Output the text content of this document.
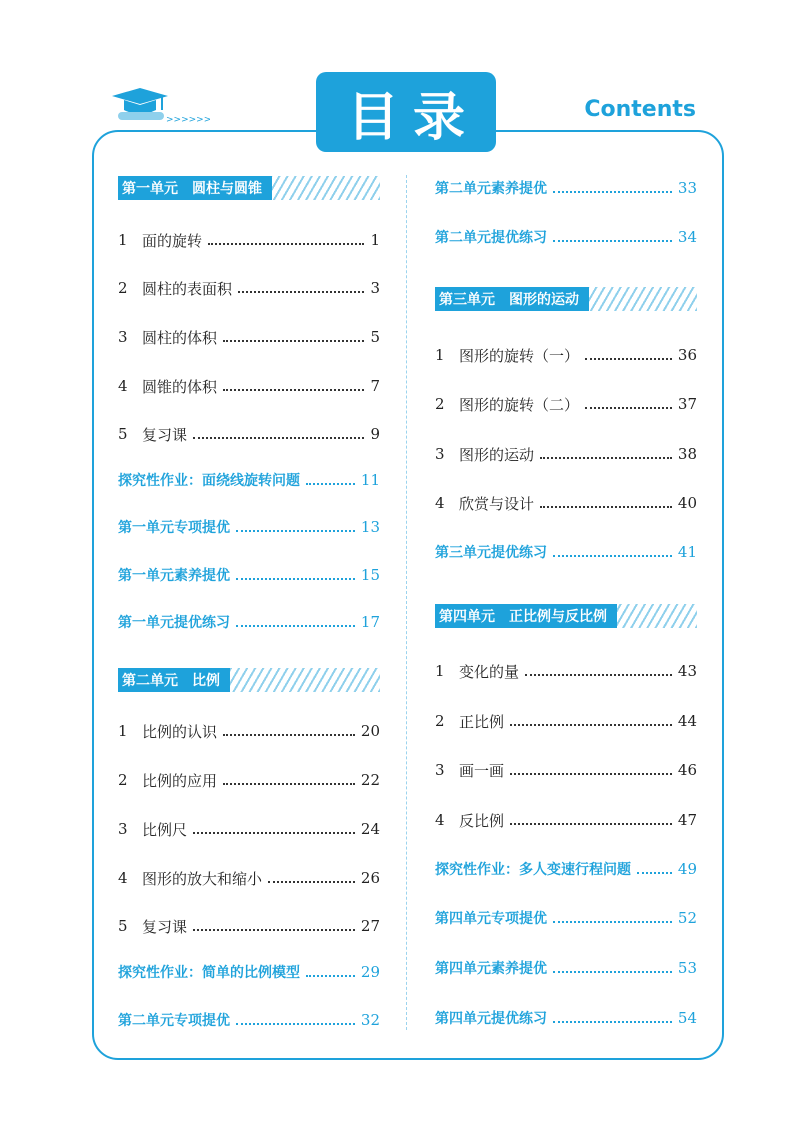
>>>>>>	目录	Contents
第一单元　圆柱与圆锥
1 面的旋转	1
2 圆柱的表面积	3
3 圆柱的体积	5
4 圆锥的体积	7
5 复习课	9
探究性作业：面绕线旋转问题	11
第一单元专项提优	13
第一单元素养提优	15
第一单元提优练习	17
第二单元　比例
1 比例的认识	20
2 比例的应用	22
3 比例尺	24
4 图形的放大和缩小	26
5 复习课	27
探究性作业：简单的比例模型	29
第二单元专项提优	32
第二单元素养提优	33
第二单元提优练习	34
第三单元　图形的运动
1 图形的旋转（一）	36
2 图形的旋转（二）	37
3 图形的运动	38
4 欣赏与设计	40
第三单元提优练习	41
第四单元　正比例与反比例
1 变化的量	43
2 正比例	44
3 画一画	46
4 反比例	47
探究性作业：多人变速行程问题	49
第四单元专项提优	52
第四单元素养提优	53
第四单元提优练习	54
